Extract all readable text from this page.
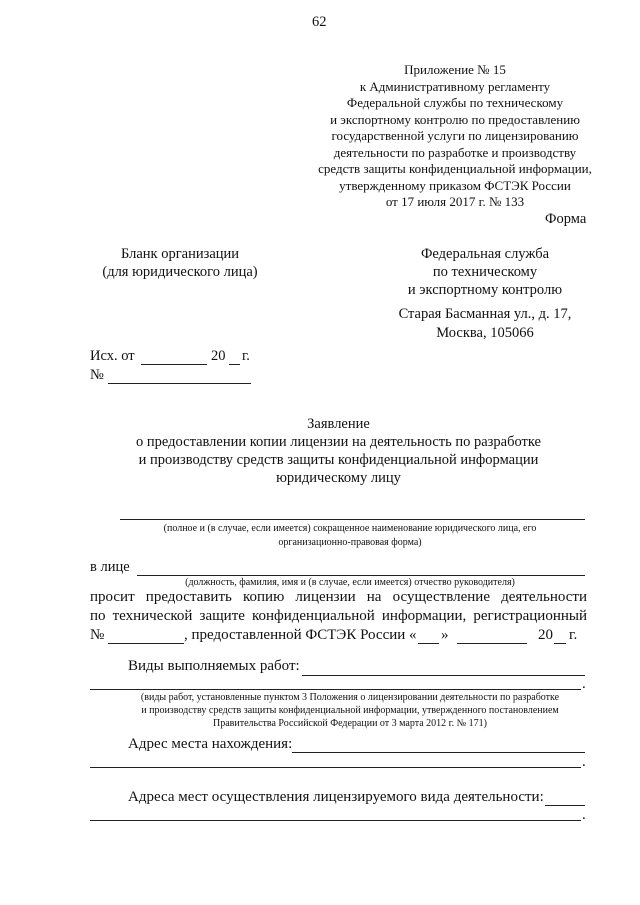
62
Приложение № 15
к Административному регламенту
Федеральной службы по техническому
и экспортному контролю по предоставлению
государственной услуги по лицензированию
деятельности по разработке и производству
средств защиты конфиденциальной информации,
утвержденному приказом ФСТЭК России
от 17 июля 2017 г. № 133
Форма
Бланк организации
(для юридического лица)
Федеральная служба
по техническому
и экспортному контролю
Старая Басманная ул., д. 17,
Москва, 105066
Исх. от	20 г.
№
Заявление
о предоставлении копии лицензии на деятельность по разработке
и производству средств защиты конфиденциальной информации
юридическому лицу
(полное и (в случае, если имеется) сокращенное наименование юридического лица, его
организационно-правовая форма)
в лице
(должность, фамилия, имя и (в случае, если имеется) отчество руководителя)
просит предоставить копию лицензии на осуществление деятельности
по технической защите конфиденциальной информации, регистрационный
№	, предоставленной ФСТЭК России « »	20 г.
Виды выполняемых работ:
.
(виды работ, установленные пунктом 3 Положения о лицензировании деятельности по разработке
и производству средств защиты конфиденциальной информации, утвержденного постановлением
Правительства Российской Федерации от 3 марта 2012 г. № 171)
Адрес места нахождения:
.
Адреса мест осуществления лицензируемого вида деятельности:
.
